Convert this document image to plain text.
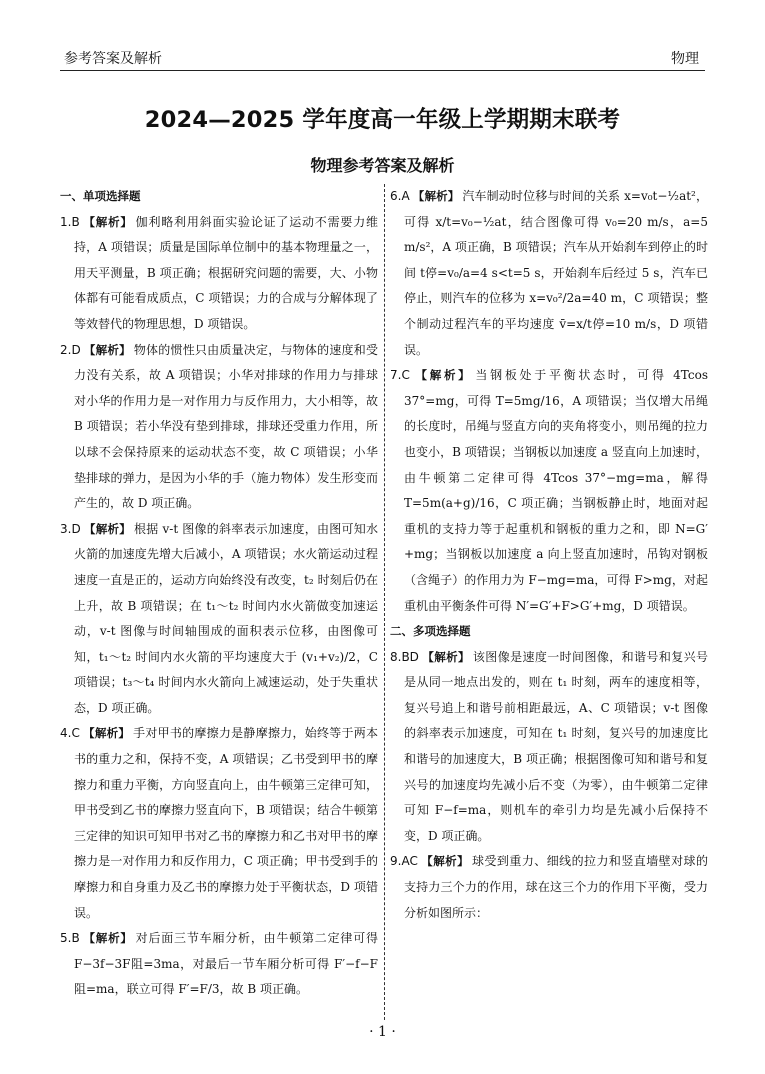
参考答案及解析	物理
2024—2025 学年度高一年级上学期期末联考
物理参考答案及解析
一、单项选择题

1.B 【解析】 伽利略利用斜面实验论证了运动不需要力维持，A 项错误；质量是国际单位制中的基本物理量之一，用天平测量，B 项正确；根据研究问题的需要，大、小物体都有可能看成质点，C 项错误；力的合成与分解体现了等效替代的物理思想，D 项错误。

2.D 【解析】 物体的惯性只由质量决定，与物体的速度和受力没有关系，故 A 项错误；小华对排球的作用力与排球对小华的作用力是一对作用力与反作用力，大小相等，故 B 项错误；若小华没有垫到排球，排球还受重力作用，所以球不会保持原来的运动状态不变，故 C 项错误；小华垫排球的弹力，是因为小华的手（施力物体）发生形变而产生的，故 D 项正确。

3.D 【解析】 根据 v-t 图像的斜率表示加速度，由图可知水火箭的加速度先增大后减小，A 项错误；水火箭运动过程速度一直是正的，运动方向始终没有改变，t₂ 时刻后仍在上升，故 B 项错误；在 t₁～t₂ 时间内水火箭做变加速运动，v-t 图像与时间轴围成的面积表示位移，由图像可知，t₁～t₂ 时间内水火箭的平均速度大于 (v₁+v₂)/2，C 项错误；t₃～t₄ 时间内水火箭向上减速运动，处于失重状态，D 项正确。

4.C 【解析】 手对甲书的摩擦力是静摩擦力，始终等于两本书的重力之和，保持不变，A 项错误；乙书受到甲书的摩擦力和重力平衡，方向竖直向上，由牛顿第三定律可知，甲书受到乙书的摩擦力竖直向下，B 项错误；结合牛顿第三定律的知识可知甲书对乙书的摩擦力和乙书对甲书的摩擦力是一对作用力和反作用力，C 项正确；甲书受到手的摩擦力和自身重力及乙书的摩擦力处于平衡状态，D 项错误。

5.B 【解析】 对后面三节车厢分析，由牛顿第二定律可得 F−3f−3F阻=3ma，对最后一节车厢分析可得 F′−f−F阻=ma，联立可得 F′=F/3，故 B 项正确。

6.A 【解析】 汽车制动时位移与时间的关系 x=v₀t−½at²，可得 x/t=v₀−½at，结合图像可得 v₀=20 m/s，a=5 m/s²，A 项正确，B 项错误；汽车从开始刹车到停止的时间 t停=v₀/a=4 s<t=5 s，开始刹车后经过 5 s，汽车已停止，则汽车的位移为 x=v₀²/2a=40 m，C 项错误；整个制动过程汽车的平均速度 v̄=x/t停=10 m/s，D 项错误。

7.C 【解析】 当钢板处于平衡状态时，可得 4Tcos 37°=mg，可得 T=5mg/16，A 项错误；当仅增大吊绳的长度时，吊绳与竖直方向的夹角将变小，则吊绳的拉力也变小，B 项错误；当钢板以加速度 a 竖直向上加速时，由牛顿第二定律可得 4Tcos 37°−mg=ma，解得 T=5m(a+g)/16，C 项正确；当钢板静止时，地面对起重机的支持力等于起重机和钢板的重力之和，即 N=G′+mg；当钢板以加速度 a 向上竖直加速时，吊钩对钢板（含绳子）的作用力为 F−mg=ma，可得 F>mg，对起重机由平衡条件可得 N′=G′+F>G′+mg，D 项错误。

二、多项选择题

8.BD 【解析】 该图像是速度一时间图像，和谐号和复兴号是从同一地点出发的，则在 t₁ 时刻，两车的速度相等，复兴号追上和谐号前相距最远，A、C 项错误；v-t 图像的斜率表示加速度，可知在 t₁ 时刻，复兴号的加速度比和谐号的加速度大，B 项正确；根据图像可知和谐号和复兴号的加速度均先减小后不变（为零），由牛顿第二定律可知 F−f=ma，则机车的牵引力均是先减小后保持不变，D 项正确。

9.AC 【解析】 球受到重力、细线的拉力和竖直墙壁对球的支持力三个力的作用，球在这三个力的作用下平衡，受力分析如图所示：

· 1 ·
